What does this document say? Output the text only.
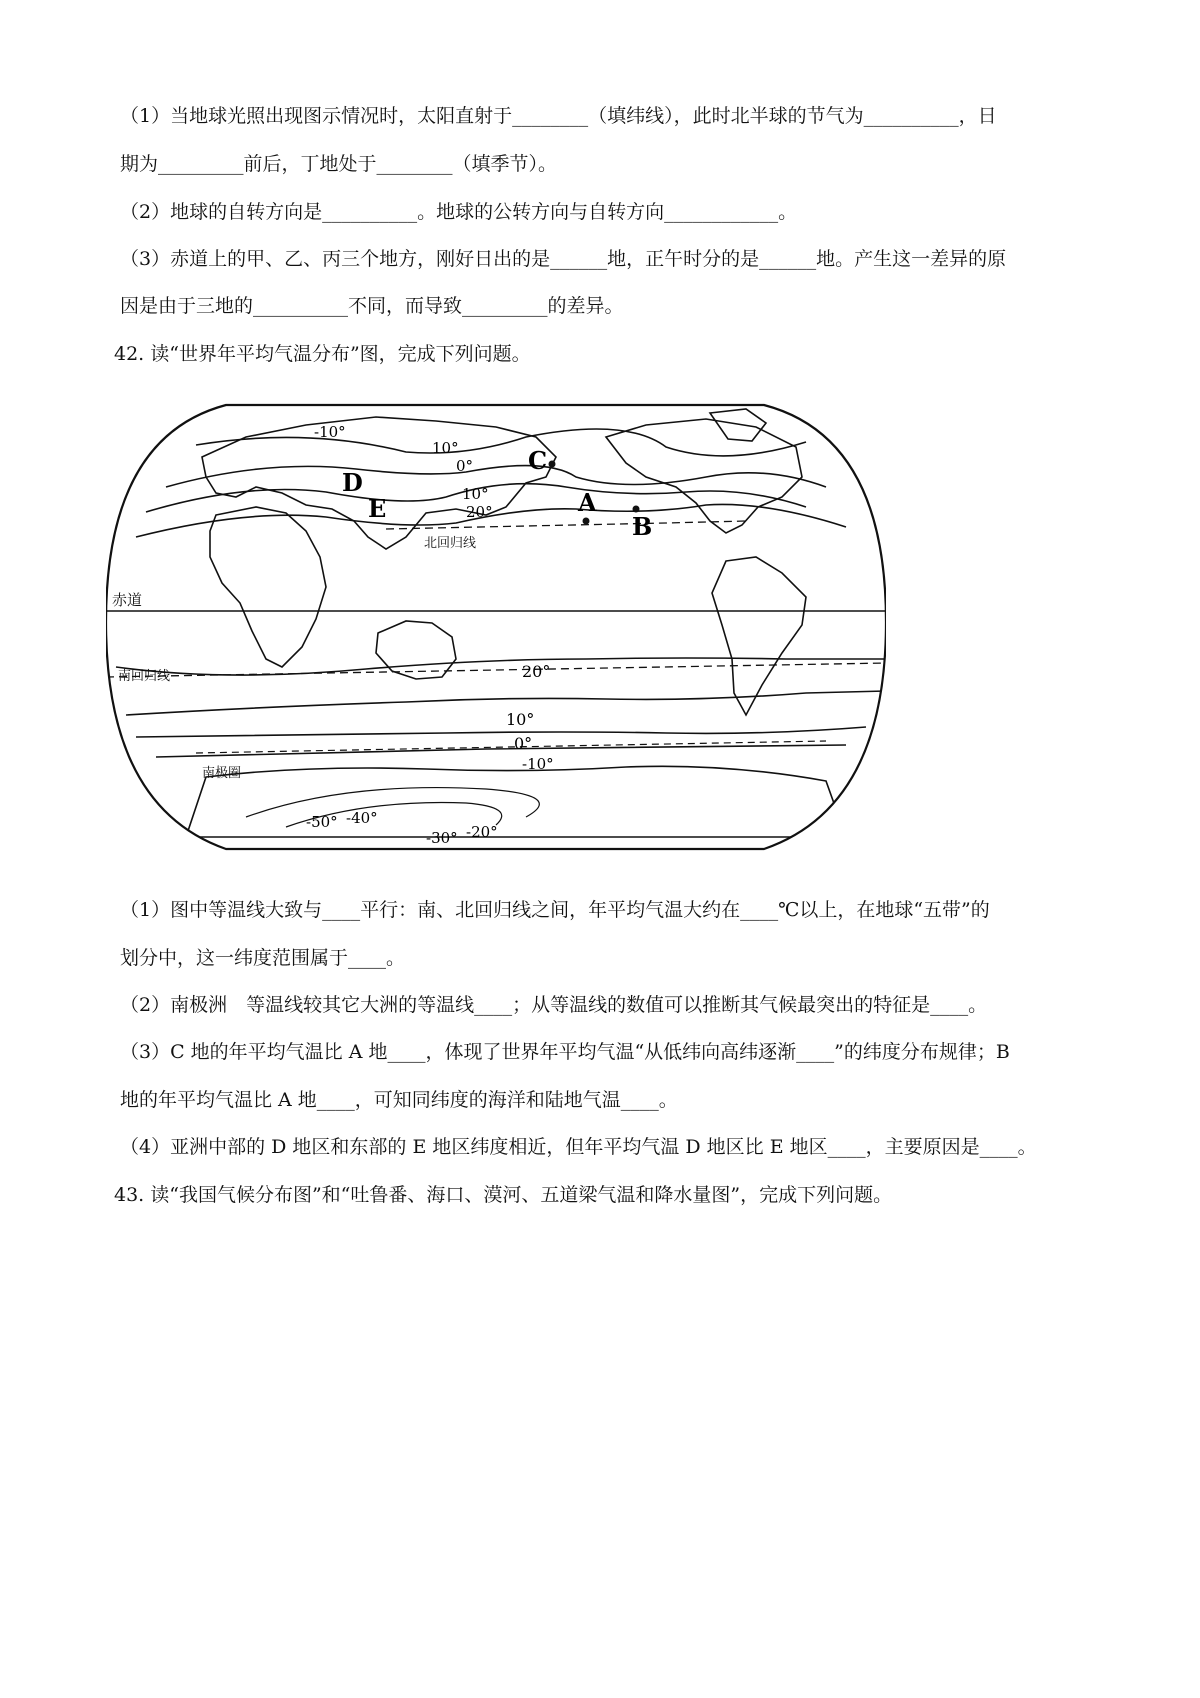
（1）当地球光照出现图示情况时，太阳直射于________（填纬线），此时北半球的节气为__________，日
期为_________前后，丁地处于________（填季节）。
（2）地球的自转方向是__________。地球的公转方向与自转方向____________。
（3）赤道上的甲、乙、丙三个地方，刚好日出的是______地，正午时分的是______地。产生这一差异的原
因是由于三地的__________不同，而导致_________的差异。
42. 读“世界年平均气温分布”图，完成下列问题。
赤道
北回归线
南回归线
南极圈
-10°
10°
0°
10°
20°
20°
10°
0°
-10°
-50° -40°
-30° -20°
A
B
C
D
E
（1）图中等温线大致与____平行：南、北回归线之间，年平均气温大约在____℃以上，在地球“五带”的
划分中，这一纬度范围属于____。
（2）南极洲　等温线较其它大洲的等温线____；从等温线的数值可以推断其气候最突出的特征是____。
（3）C 地的年平均气温比 A 地____，体现了世界年平均气温“从低纬向高纬逐渐____”的纬度分布规律；B
地的年平均气温比 A 地____，可知同纬度的海洋和陆地气温____。
（4）亚洲中部的 D 地区和东部的 E 地区纬度相近，但年平均气温 D 地区比 E 地区____，主要原因是____。
43. 读“我国气候分布图”和“吐鲁番、海口、漠河、五道梁气温和降水量图”，完成下列问题。
